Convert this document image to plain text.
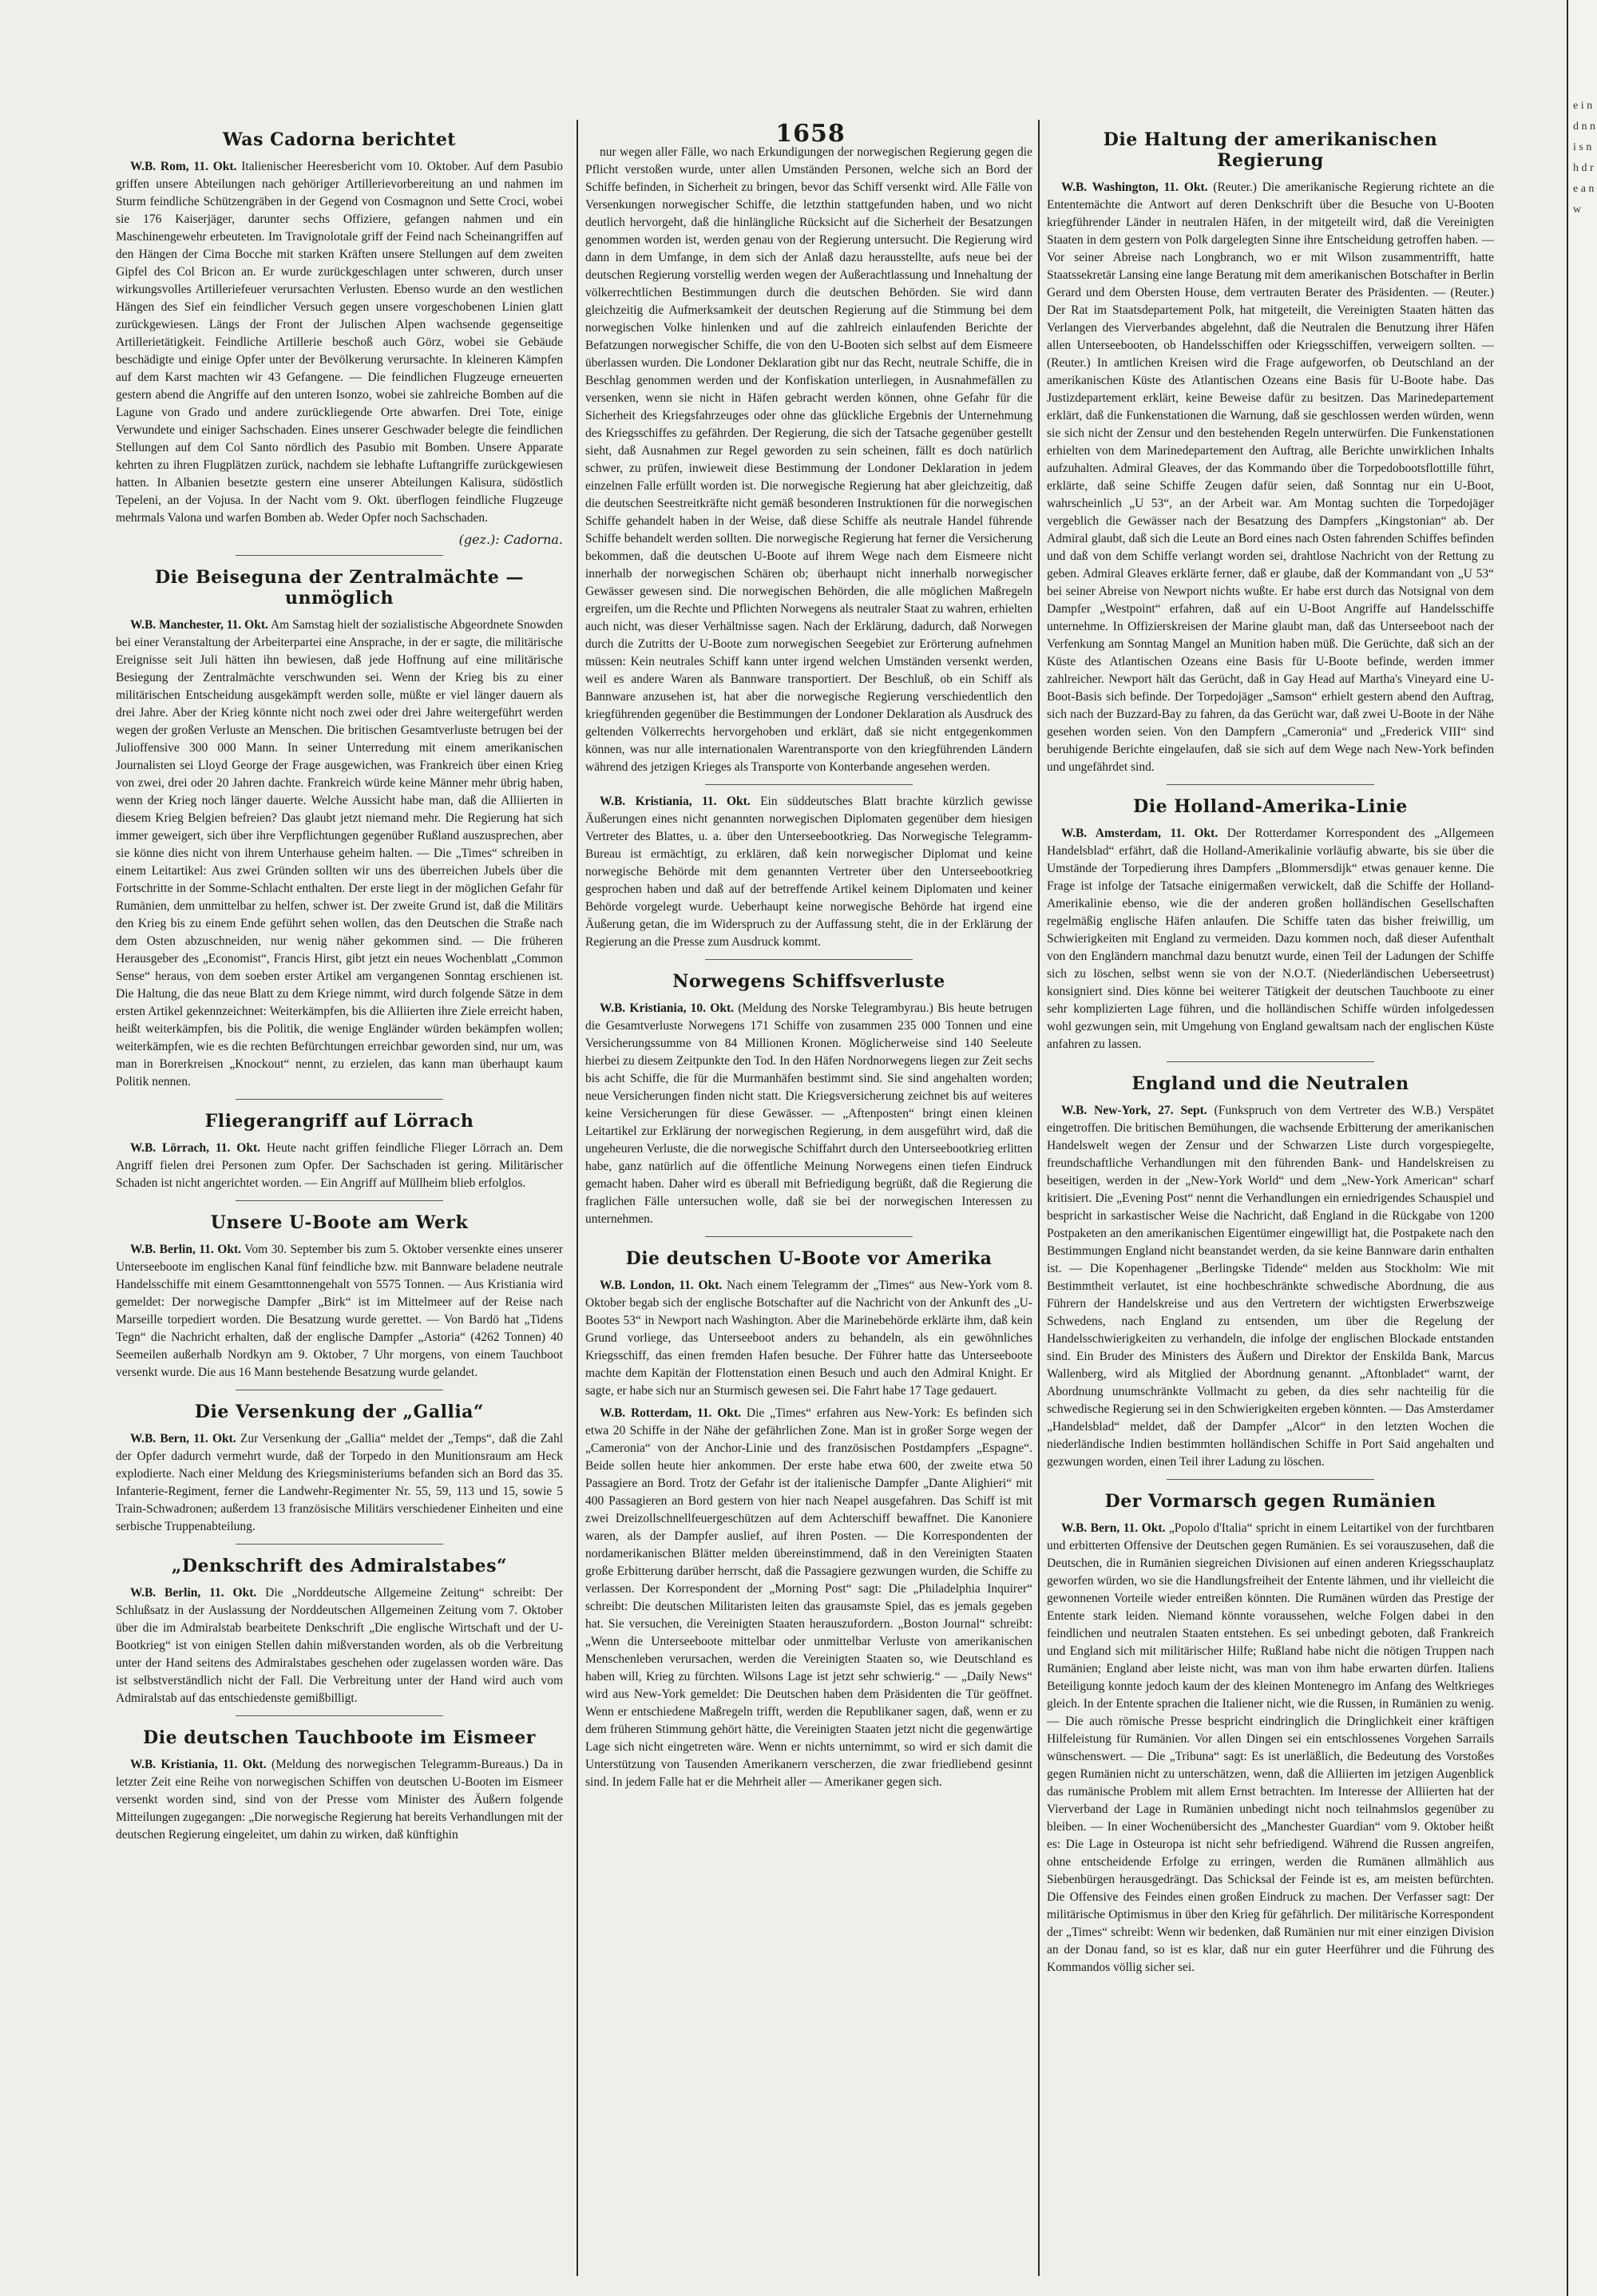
1658
e i n d n n i s n h d r e a n w
Was Cadorna berichtet

W.B. Rom, 11. Okt. Italienischer Heeresbericht vom 10. Oktober. Auf dem Pasubio griffen unsere Abteilungen nach gehöriger Artillerievorbereitung an und nahmen im Sturm feindliche Schützengräben in der Gegend von Cosmagnon und Sette Croci, wobei sie 176 Kaiserjäger, darunter sechs Offiziere, gefangen nahmen und ein Maschinengewehr erbeuteten. Im Travignolotale griff der Feind nach Scheinangriffen auf den Hängen der Cima Bocche mit starken Kräften unsere Stellungen auf dem zweiten Gipfel des Col Bricon an. Er wurde zurückgeschlagen unter schweren, durch unser wirkungsvolles Artilleriefeuer verursachten Verlusten. Ebenso wurde an den westlichen Hängen des Sief ein feindlicher Versuch gegen unsere vorgeschobenen Linien glatt zurückgewiesen. Längs der Front der Julischen Alpen wachsende gegenseitige Artillerietätigkeit. Feindliche Artillerie beschoß auch Görz, wobei sie Gebäude beschädigte und einige Opfer unter der Bevölkerung verursachte. In kleineren Kämpfen auf dem Karst machten wir 43 Gefangene. — Die feindlichen Flugzeuge erneuerten gestern abend die Angriffe auf den unteren Isonzo, wobei sie zahlreiche Bomben auf die Lagune von Grado und andere zurückliegende Orte abwarfen. Drei Tote, einige Verwundete und einiger Sachschaden. Eines unserer Geschwader belegte die feindlichen Stellungen auf dem Col Santo nördlich des Pasubio mit Bomben. Unsere Apparate kehrten zu ihren Flugplätzen zurück, nachdem sie lebhafte Luftangriffe zurückgewiesen hatten. In Albanien besetzte gestern eine unserer Abteilungen Kalisura, südöstlich Tepeleni, an der Vojusa. In der Nacht vom 9. Okt. überflogen feindliche Flugzeuge mehrmals Valona und warfen Bomben ab. Weder Opfer noch Sachschaden.

(gez.): Cadorna.
Die Beiseguna der Zentralmächte — unmöglich

W.B. Manchester, 11. Okt. Am Samstag hielt der sozialistische Abgeordnete Snowden bei einer Veranstaltung der Arbeiterpartei eine Ansprache, in der er sagte, die militärische Ereignisse seit Juli hätten ihn bewiesen, daß jede Hoffnung auf eine militärische Besiegung der Zentralmächte verschwunden sei. Wenn der Krieg bis zu einer militärischen Entscheidung ausgekämpft werden solle, müßte er viel länger dauern als drei Jahre. Aber der Krieg könnte nicht noch zwei oder drei Jahre weitergeführt werden wegen der großen Verluste an Menschen. Die britischen Gesamtverluste betrugen bei der Julioffensive 300 000 Mann. In seiner Unterredung mit einem amerikanischen Journalisten sei Lloyd George der Frage ausgewichen, was Frankreich über einen Krieg von zwei, drei oder 20 Jahren dachte. Frankreich würde keine Männer mehr übrig haben, wenn der Krieg noch länger dauerte. Welche Aussicht habe man, daß die Alliierten in diesem Krieg Belgien befreien? Das glaubt jetzt niemand mehr. Die Regierung hat sich immer geweigert, sich über ihre Verpflichtungen gegenüber Rußland auszusprechen, aber sie könne dies nicht von ihrem Unterhause geheim halten. — Die „Times“ schreiben in einem Leitartikel: Aus zwei Gründen sollten wir uns des überreichen Jubels über die Fortschritte in der Somme-Schlacht enthalten. Der erste liegt in der möglichen Gefahr für Rumänien, dem unmittelbar zu helfen, schwer ist. Der zweite Grund ist, daß die Militärs den Krieg bis zu einem Ende geführt sehen wollen, das den Deutschen die Straße nach dem Osten abzuschneiden, nur wenig näher gekommen sind. — Die früheren Herausgeber des „Economist“, Francis Hirst, gibt jetzt ein neues Wochenblatt „Common Sense“ heraus, von dem soeben erster Artikel am vergangenen Sonntag erschienen ist. Die Haltung, die das neue Blatt zu dem Kriege nimmt, wird durch folgende Sätze in dem ersten Artikel gekennzeichnet: Weiterkämpfen, bis die Alliierten ihre Ziele erreicht haben, heißt weiterkämpfen, bis die Politik, die wenige Engländer würden bekämpfen wollen; weiterkämpfen, wie es die rechten Befürchtungen erreichbar geworden sind, nur um, was man in Borerkreisen „Knockout“ nennt, zu erzielen, das kann man überhaupt kaum Politik nennen.

Fliegerangriff auf Lörrach

W.B. Lörrach, 11. Okt. Heute nacht griffen feindliche Flieger Lörrach an. Dem Angriff fielen drei Personen zum Opfer. Der Sachschaden ist gering. Militärischer Schaden ist nicht angerichtet worden. — Ein Angriff auf Müllheim blieb erfolglos.

Unsere U-Boote am Werk

W.B. Berlin, 11. Okt. Vom 30. September bis zum 5. Oktober versenkte eines unserer Unterseeboote im englischen Kanal fünf feindliche bzw. mit Bannware beladene neutrale Handelsschiffe mit einem Gesamttonnengehalt von 5575 Tonnen. — Aus Kristiania wird gemeldet: Der norwegische Dampfer „Birk“ ist im Mittelmeer auf der Reise nach Marseille torpediert worden. Die Besatzung wurde gerettet. — Von Bardö hat „Tidens Tegn“ die Nachricht erhalten, daß der englische Dampfer „Astoria“ (4262 Tonnen) 40 Seemeilen außerhalb Nordkyn am 9. Oktober, 7 Uhr morgens, von einem Tauchboot versenkt wurde. Die aus 16 Mann bestehende Besatzung wurde gelandet.

Die Versenkung der „Gallia“

W.B. Bern, 11. Okt. Zur Versenkung der „Gallia“ meldet der „Temps“, daß die Zahl der Opfer dadurch vermehrt wurde, daß der Torpedo in den Munitionsraum am Heck explodierte. Nach einer Meldung des Kriegsministeriums befanden sich an Bord das 35. Infanterie-Regiment, ferner die Landwehr-Regimenter Nr. 55, 59, 113 und 15, sowie 5 Train-Schwadronen; außerdem 13 französische Militärs verschiedener Einheiten und eine serbische Truppenabteilung.

„Denkschrift des Admiralstabes“

W.B. Berlin, 11. Okt. Die „Norddeutsche Allgemeine Zeitung“ schreibt: Der Schlußsatz in der Auslassung der Norddeutschen Allgemeinen Zeitung vom 7. Oktober über die im Admiralstab bearbeitete Denkschrift „Die englische Wirtschaft und der U-Bootkrieg“ ist von einigen Stellen dahin mißverstanden worden, als ob die Verbreitung unter der Hand seitens des Admiralstabes geschehen oder zugelassen worden wäre. Das ist selbstverständlich nicht der Fall. Die Verbreitung unter der Hand wird auch vom Admiralstab auf das entschiedenste gemißbilligt.

Die deutschen Tauchboote im Eismeer

W.B. Kristiania, 11. Okt. (Meldung des norwegischen Telegramm-Bureaus.) Da in letzter Zeit eine Reihe von norwegischen Schiffen von deutschen U-Booten im Eismeer versenkt worden sind, sind von der Presse vom Minister des Äußern folgende Mitteilungen zugegangen: „Die norwegische Regierung hat bereits Verhandlungen mit der deutschen Regierung eingeleitet, um dahin zu wirken, daß künftighin

nur wegen aller Fälle, wo nach Erkundigungen der norwegischen Regierung gegen die Pflicht verstoßen wurde, unter allen Umständen Personen, welche sich an Bord der Schiffe befinden, in Sicherheit zu bringen, bevor das Schiff versenkt wird. Alle Fälle von Versenkungen norwegischer Schiffe, die letzthin stattgefunden haben, und wo nicht deutlich hervorgeht, daß die hinlängliche Rücksicht auf die Sicherheit der Besatzungen genommen worden ist, werden genau von der Regierung untersucht. Die Regierung wird dann in dem Umfange, in dem sich der Anlaß dazu herausstellte, aufs neue bei der deutschen Regierung vorstellig werden wegen der Außerachtlassung und Innehaltung der völkerrechtlichen Bestimmungen durch die deutschen Behörden. Sie wird dann gleichzeitig die Aufmerksamkeit der deutschen Regierung auf die Stimmung bei dem norwegischen Volke hinlenken und auf die zahlreich einlaufenden Berichte der Befatzungen norwegischer Schiffe, die von den U-Booten sich selbst auf dem Eismeere überlassen wurden. Die Londoner Deklaration gibt nur das Recht, neutrale Schiffe, die in Beschlag genommen werden und der Konfiskation unterliegen, in Ausnahmefällen zu versenken, wenn sie nicht in Häfen gebracht werden können, ohne Gefahr für die Sicherheit des Kriegsfahrzeuges oder ohne das glückliche Ergebnis der Unternehmung des Kriegsschiffes zu gefährden. Der Regierung, die sich der Tatsache gegenüber gestellt sieht, daß Ausnahmen zur Regel geworden zu sein scheinen, fällt es doch natürlich schwer, zu prüfen, inwieweit diese Bestimmung der Londoner Deklaration in jedem einzelnen Falle erfüllt worden ist. Die norwegische Regierung hat aber gleichzeitig, daß die deutschen Seestreitkräfte nicht gemäß besonderen Instruktionen für die norwegischen Schiffe gehandelt haben in der Weise, daß diese Schiffe als neutrale Handel führende Schiffe behandelt werden sollten. Die norwegische Regierung hat ferner die Versicherung bekommen, daß die deutschen U-Boote auf ihrem Wege nach dem Eismeere nicht innerhalb der norwegischen Schären ob; überhaupt nicht innerhalb norwegischer Gewässer gewesen sind. Die norwegischen Behörden, die alle möglichen Maßregeln ergreifen, um die Rechte und Pflichten Norwegens als neutraler Staat zu wahren, erhielten auch nicht, was dieser Verhältnisse sagen. Nach der Erklärung, dadurch, daß Norwegen durch die Zutritts der U-Boote zum norwegischen Seegebiet zur Erörterung aufnehmen müssen: Kein neutrales Schiff kann unter irgend welchen Umständen versenkt werden, weil es andere Waren als Bannware transportiert. Der Beschluß, ob ein Schiff als Bannware anzusehen ist, hat aber die norwegische Regierung verschiedentlich den kriegführenden gegenüber die Bestimmungen der Londoner Deklaration als Ausdruck des geltenden Völkerrechts hervorgehoben und erklärt, daß sie nicht entgegenkommen können, was nur alle internationalen Warentransporte von den kriegführenden Ländern während des jetzigen Krieges als Transporte von Konterbande angesehen werden.

W.B. Kristiania, 11. Okt. Ein süddeutsches Blatt brachte kürzlich gewisse Äußerungen eines nicht genannten norwegischen Diplomaten gegenüber dem hiesigen Vertreter des Blattes, u. a. über den Unterseebootkrieg. Das Norwegische Telegramm-Bureau ist ermächtigt, zu erklären, daß kein norwegischer Diplomat und keine norwegische Behörde mit dem genannten Vertreter über den Unterseebootkrieg gesprochen haben und daß auf der betreffende Artikel keinem Diplomaten und keiner Behörde vorgelegt wurde. Ueberhaupt keine norwegische Behörde hat irgend eine Äußerung getan, die im Widerspruch zu der Auffassung steht, die in der Erklärung der Regierung an die Presse zum Ausdruck kommt.

Norwegens Schiffsverluste

W.B. Kristiania, 10. Okt. (Meldung des Norske Telegrambyrau.) Bis heute betrugen die Gesamtverluste Norwegens 171 Schiffe von zusammen 235 000 Tonnen und eine Versicherungssumme von 84 Millionen Kronen. Möglicherweise sind 140 Seeleute hierbei zu diesem Zeitpunkte den Tod. In den Häfen Nordnorwegens liegen zur Zeit sechs bis acht Schiffe, die für die Murmanhäfen bestimmt sind. Sie sind angehalten worden; neue Versicherungen finden nicht statt. Die Kriegsversicherung zeichnet bis auf weiteres keine Versicherungen für diese Gewässer. — „Aftenposten“ bringt einen kleinen Leitartikel zur Erklärung der norwegischen Regierung, in dem ausgeführt wird, daß die ungeheuren Verluste, die die norwegische Schiffahrt durch den Unterseebootkrieg erlitten habe, ganz natürlich auf die öffentliche Meinung Norwegens einen tiefen Eindruck gemacht haben. Daher wird es überall mit Befriedigung begrüßt, daß die Regierung die fraglichen Fälle untersuchen wolle, daß sie bei der norwegischen Interessen zu unternehmen.

Die deutschen U-Boote vor Amerika

W.B. London, 11. Okt. Nach einem Telegramm der „Times“ aus New-York vom 8. Oktober begab sich der englische Botschafter auf die Nachricht von der Ankunft des „U-Bootes 53“ in Newport nach Washington. Aber die Marinebehörde erklärte ihm, daß kein Grund vorliege, das Unterseeboot anders zu behandeln, als ein gewöhnliches Kriegsschiff, das einen fremden Hafen besuche. Der Führer hatte das Unterseeboote machte dem Kapitän der Flottenstation einen Besuch und auch den Admiral Knight. Er sagte, er habe sich nur an Sturmisch gewesen sei. Die Fahrt habe 17 Tage gedauert.

W.B. Rotterdam, 11. Okt. Die „Times“ erfahren aus New-York: Es befinden sich etwa 20 Schiffe in der Nähe der gefährlichen Zone. Man ist in großer Sorge wegen der „Cameronia“ von der Anchor-Linie und des französischen Postdampfers „Espagne“. Beide sollen heute hier ankommen. Der erste habe etwa 600, der zweite etwa 50 Passagiere an Bord. Trotz der Gefahr ist der italienische Dampfer „Dante Alighieri“ mit 400 Passagieren an Bord gestern von hier nach Neapel ausgefahren. Das Schiff ist mit zwei Dreizollschnellfeuergeschützen auf dem Achterschiff bewaffnet. Die Kanoniere waren, als der Dampfer auslief, auf ihren Posten. — Die Korrespondenten der nordamerikanischen Blätter melden übereinstimmend, daß in den Vereinigten Staaten große Erbitterung darüber herrscht, daß die Passagiere gezwungen wurden, die Schiffe zu verlassen. Der Korrespondent der „Morning Post“ sagt: Die „Philadelphia Inquirer“ schreibt: Die deutschen Militaristen leiten das grausamste Spiel, das es jemals gegeben hat. Sie versuchen, die Vereinigten Staaten herauszufordern. „Boston Journal“ schreibt: „Wenn die Unterseeboote mittelbar oder unmittelbar Verluste von amerikanischen Menschenleben verursachen, werden die Vereinigten Staaten so, wie Deutschland es haben will, Krieg zu fürchten. Wilsons Lage ist jetzt sehr schwierig.“ — „Daily News“ wird aus New-York gemeldet: Die Deutschen haben dem Präsidenten die Tür geöffnet. Wenn er entschiedene Maßregeln trifft, werden die Republikaner sagen, daß, wenn er zu dem früheren Stimmung gehört hätte, die Vereinigten Staaten jetzt nicht die gegenwärtige Lage sich nicht eingetreten wäre. Wenn er nichts unternimmt, so wird er sich damit die Unterstützung von Tausenden Amerikanern verscherzen, die zwar friedliebend gesinnt sind. In jedem Falle hat er die Mehrheit aller — Amerikaner gegen sich.

Die Haltung der amerikanischen Regierung

W.B. Washington, 11. Okt. (Reuter.) Die amerikanische Regierung richtete an die Ententemächte die Antwort auf deren Denkschrift über die Besuche von U-Booten kriegführender Länder in neutralen Häfen, in der mitgeteilt wird, daß die Vereinigten Staaten in dem gestern von Polk dargelegten Sinne ihre Entscheidung getroffen haben. — Vor seiner Abreise nach Longbranch, wo er mit Wilson zusammentrifft, hatte Staatssekretär Lansing eine lange Beratung mit dem amerikanischen Botschafter in Berlin Gerard und dem Obersten House, dem vertrauten Berater des Präsidenten. — (Reuter.) Der Rat im Staatsdepartement Polk, hat mitgeteilt, die Vereinigten Staaten hätten das Verlangen des Vierverbandes abgelehnt, daß die Neutralen die Benutzung ihrer Häfen allen Unterseebooten, ob Handelsschiffen oder Kriegsschiffen, verweigern sollten. — (Reuter.) In amtlichen Kreisen wird die Frage aufgeworfen, ob Deutschland an der amerikanischen Küste des Atlantischen Ozeans eine Basis für U-Boote habe. Das Justizdepartement erklärt, keine Beweise dafür zu besitzen. Das Marinedepartement erklärt, daß die Funkenstationen die Warnung, daß sie geschlossen werden würden, wenn sie sich nicht der Zensur und den bestehenden Regeln unterwürfen. Die Funkenstationen erhielten von dem Marinedepartement den Auftrag, alle Berichte unwirklichen Inhalts aufzuhalten. Admiral Gleaves, der das Kommando über die Torpedobootsflottille führt, erklärte, daß seine Schiffe Zeugen dafür seien, daß Sonntag nur ein U-Boot, wahrscheinlich „U 53“, an der Arbeit war. Am Montag suchten die Torpedojäger vergeblich die Gewässer nach der Besatzung des Dampfers „Kingstonian“ ab. Der Admiral glaubt, daß sich die Leute an Bord eines nach Osten fahrenden Schiffes befinden und daß von dem Schiffe verlangt worden sei, drahtlose Nachricht von der Rettung zu geben. Admiral Gleaves erklärte ferner, daß er glaube, daß der Kommandant von „U 53“ bei seiner Abreise von Newport nichts wußte. Er habe erst durch das Notsignal von dem Dampfer „Westpoint“ erfahren, daß auf ein U-Boot Angriffe auf Handelsschiffe unternehme. In Offizierskreisen der Marine glaubt man, daß das Unterseeboot nach der Verfenkung am Sonntag Mangel an Munition haben müß. Die Gerüchte, daß sich an der Küste des Atlantischen Ozeans eine Basis für U-Boote befinde, werden immer zahlreicher. Newport hält das Gerücht, daß in Gay Head auf Martha's Vineyard eine U-Boot-Basis sich befinde. Der Torpedojäger „Samson“ erhielt gestern abend den Auftrag, sich nach der Buzzard-Bay zu fahren, da das Gerücht war, daß zwei U-Boote in der Nähe gesehen worden seien. Von den Dampfern „Cameronia“ und „Frederick VIII“ sind beruhigende Berichte eingelaufen, daß sie sich auf dem Wege nach New-York befinden und ungefährdet sind.

Die Holland-Amerika-Linie

W.B. Amsterdam, 11. Okt. Der Rotterdamer Korrespondent des „Allgemeen Handelsblad“ erfährt, daß die Holland-Amerikalinie vorläufig abwarte, bis sie über die Umstände der Torpedierung ihres Dampfers „Blommersdijk“ etwas genauer kenne. Die Frage ist infolge der Tatsache einigermaßen verwickelt, daß die Schiffe der Holland-Amerikalinie ebenso, wie die der anderen großen holländischen Gesellschaften regelmäßig englische Häfen anlaufen. Die Schiffe taten das bisher freiwillig, um Schwierigkeiten mit England zu vermeiden. Dazu kommen noch, daß dieser Aufenthalt von den Engländern manchmal dazu benutzt wurde, einen Teil der Ladungen der Schiffe sich zu löschen, selbst wenn sie von der N.O.T. (Niederländischen Ueberseetrust) konsigniert sind. Dies könne bei weiterer Tätigkeit der deutschen Tauchboote zu einer sehr komplizierten Lage führen, und die holländischen Schiffe würden infolgedessen wohl gezwungen sein, mit Umgehung von England gewaltsam nach der englischen Küste anfahren zu lassen.

England und die Neutralen

W.B. New-York, 27. Sept. (Funkspruch von dem Vertreter des W.B.) Verspätet eingetroffen. Die britischen Bemühungen, die wachsende Erbitterung der amerikanischen Handelswelt wegen der Zensur und der Schwarzen Liste durch vorgespiegelte, freundschaftliche Verhandlungen mit den führenden Bank- und Handelskreisen zu beseitigen, werden in der „New-York World“ und dem „New-York American“ scharf kritisiert. Die „Evening Post“ nennt die Verhandlungen ein erniedrigendes Schauspiel und bespricht in sarkastischer Weise die Nachricht, daß England in die Rückgabe von 1200 Postpaketen an den amerikanischen Eigentümer eingewilligt hat, die Postpakete nach den Bestimmungen England nicht beanstandet werden, da sie keine Bannware darin enthalten ist. — Die Kopenhagener „Berlingske Tidende“ melden aus Stockholm: Wie mit Bestimmtheit verlautet, ist eine hochbeschränkte schwedische Abordnung, die aus Führern der Handelskreise und aus den Vertretern der wichtigsten Erwerbszweige Schwedens, nach England zu entsenden, um über die Regelung der Handelsschwierigkeiten zu verhandeln, die infolge der englischen Blockade entstanden sind. Ein Bruder des Ministers des Äußern und Direktor der Enskilda Bank, Marcus Wallenberg, wird als Mitglied der Abordnung genannt. „Aftonbladet“ warnt, der Abordnung unumschränkte Vollmacht zu geben, da dies sehr nachteilig für die schwedische Regierung sei in den Schwierigkeiten ergeben könnten. — Das Amsterdamer „Handelsblad“ meldet, daß der Dampfer „Alcor“ in den letzten Wochen die niederländische Indien bestimmten holländischen Schiffe in Port Said angehalten und gezwungen worden, einen Teil ihrer Ladung zu löschen.

Der Vormarsch gegen Rumänien

W.B. Bern, 11. Okt. „Popolo d'Italia“ spricht in einem Leitartikel von der furchtbaren und erbitterten Offensive der Deutschen gegen Rumänien. Es sei vorauszusehen, daß die Deutschen, die in Rumänien siegreichen Divisionen auf einen anderen Kriegsschauplatz geworfen würden, wo sie die Handlungsfreiheit der Entente lähmen, und ihr vielleicht die gewonnenen Vorteile wieder entreißen könnten. Die Rumänen würden das Prestige der Entente stark leiden. Niemand könnte voraussehen, welche Folgen dabei in den feindlichen und neutralen Staaten entstehen. Es sei unbedingt geboten, daß Frankreich und England sich mit militärischer Hilfe; Rußland habe nicht die nötigen Truppen nach Rumänien; England aber leiste nicht, was man von ihm habe erwarten dürfen. Italiens Beteiligung konnte jedoch kaum der des kleinen Montenegro im Anfang des Weltkrieges gleich. In der Entente sprachen die Italiener nicht, wie die Russen, in Rumänien zu wenig. — Die auch römische Presse bespricht eindringlich die Dringlichkeit einer kräftigen Hilfeleistung für Rumänien. Vor allen Dingen sei ein entschlossenes Vorgehen Sarrails wünschenswert. — Die „Tribuna“ sagt: Es ist unerläßlich, die Bedeutung des Vorstoßes gegen Rumänien nicht zu unterschätzen, wenn, daß die Alliierten im jetzigen Augenblick das rumänische Problem mit allem Ernst betrachten. Im Interesse der Alliierten hat der Vierverband der Lage in Rumänien unbedingt nicht noch teilnahmslos gegenüber zu bleiben. — In einer Wochenübersicht des „Manchester Guardian“ vom 9. Oktober heißt es: Die Lage in Osteuropa ist nicht sehr befriedigend. Während die Russen angreifen, ohne entscheidende Erfolge zu erringen, werden die Rumänen allmählich aus Siebenbürgen herausgedrängt. Das Schicksal der Feinde ist es, am meisten befürchten. Die Offensive des Feindes einen großen Eindruck zu machen. Der Verfasser sagt: Der militärische Optimismus in über den Krieg für gefährlich. Der militärische Korrespondent der „Times“ schreibt: Wenn wir bedenken, daß Rumänien nur mit einer einzigen Division an der Donau fand, so ist es klar, daß nur ein guter Heerführer und die Führung des Kommandos völlig sicher sei.
